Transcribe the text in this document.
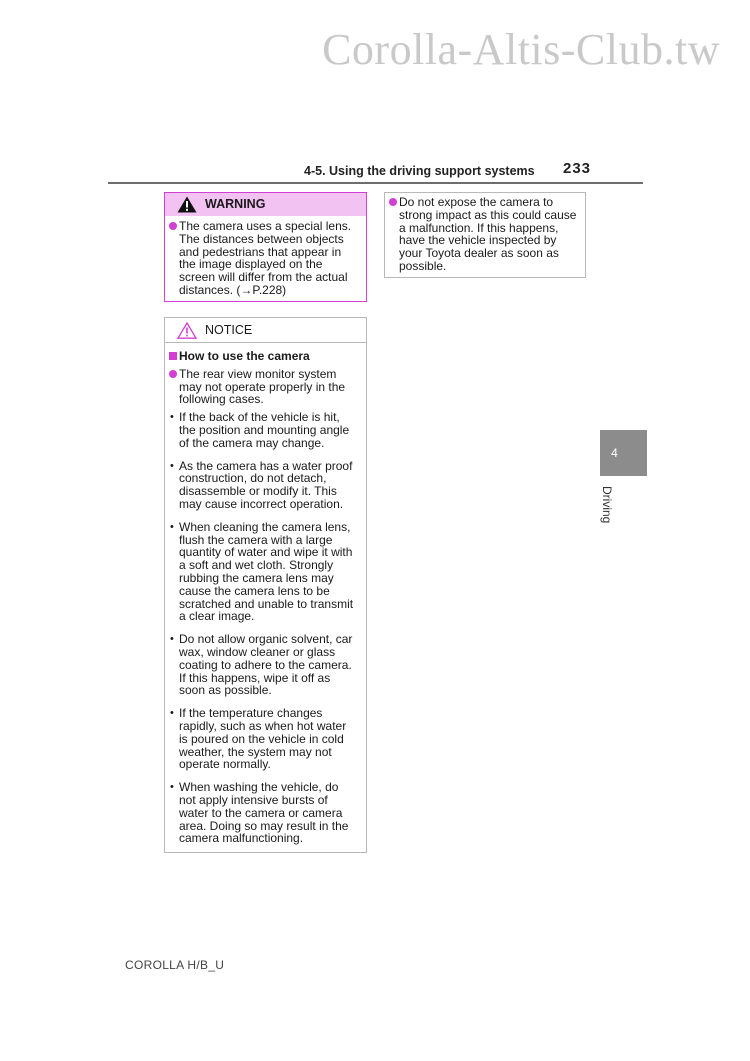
Corolla-Altis-Club.tw
4-5. Using the driving support systems 233
WARNING
The camera uses a special lens. The distances between objects and pedestrians that appear in the image displayed on the screen will differ from the actual distances. (→P.228)
Do not expose the camera to strong impact as this could cause a malfunction. If this happens, have the vehicle inspected by your Toyota dealer as soon as possible.
NOTICE
How to use the camera
The rear view monitor system may not operate properly in the following cases.
• If the back of the vehicle is hit, the position and mounting angle of the camera may change.
• As the camera has a water proof construction, do not detach, disassemble or modify it. This may cause incorrect operation.
• When cleaning the camera lens, flush the camera with a large quantity of water and wipe it with a soft and wet cloth. Strongly rubbing the camera lens may cause the camera lens to be scratched and unable to transmit a clear image.
• Do not allow organic solvent, car wax, window cleaner or glass coating to adhere to the camera. If this happens, wipe it off as soon as possible.
• If the temperature changes rapidly, such as when hot water is poured on the vehicle in cold weather, the system may not operate normally.
• When washing the vehicle, do not apply intensive bursts of water to the camera or camera area. Doing so may result in the camera malfunctioning.
4
Driving
COROLLA H/B_U
